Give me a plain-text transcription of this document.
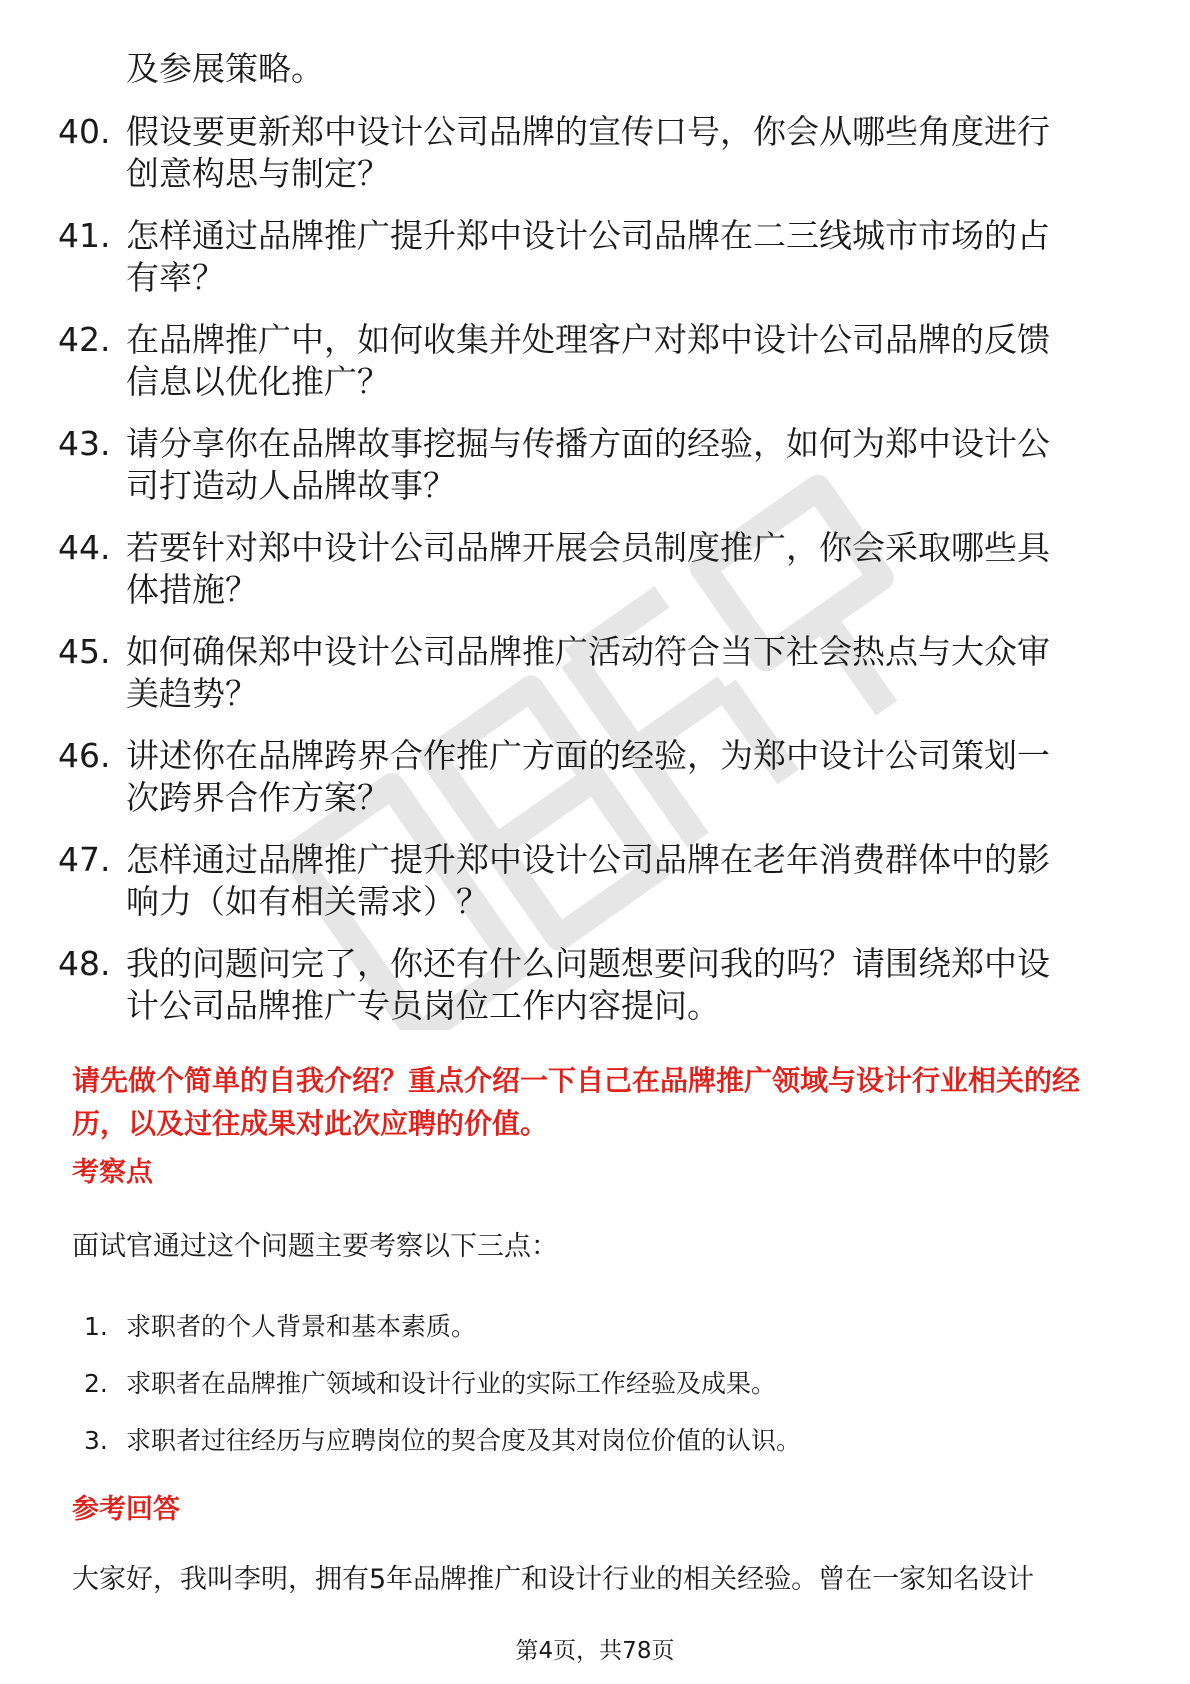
及参展策略。

40. 假设要更新郑中设计公司品牌的宣传口号，你会从哪些角度进行
创意构思与制定？
41. 怎样通过品牌推广提升郑中设计公司品牌在二三线城市市场的占
有率？
42. 在品牌推广中，如何收集并处理客户对郑中设计公司品牌的反馈
信息以优化推广？
43. 请分享你在品牌故事挖掘与传播方面的经验，如何为郑中设计公
司打造动人品牌故事？
44. 若要针对郑中设计公司品牌开展会员制度推广，你会采取哪些具
体措施？
45. 如何确保郑中设计公司品牌推广活动符合当下社会热点与大众审
美趋势？
46. 讲述你在品牌跨界合作推广方面的经验，为郑中设计公司策划一
次跨界合作方案？
47. 怎样通过品牌推广提升郑中设计公司品牌在老年消费群体中的影
响力（如有相关需求）？
48. 我的问题问完了，你还有什么问题想要问我的吗？请围绕郑中设
计公司品牌推广专员岗位工作内容提问。
请先做个简单的自我介绍？重点介绍一下自己在品牌推广领域与设计行业相关的经
历，以及过往成果对此次应聘的价值。

考察点

面试官通过这个问题主要考察以下三点：

1. 求职者的个人背景和基本素质。
2. 求职者在品牌推广领域和设计行业的实际工作经验及成果。
3. 求职者过往经历与应聘岗位的契合度及其对岗位价值的认识。

参考回答

大家好，我叫李明，拥有5年品牌推广和设计行业的相关经验。曾在一家知名设计

第4页，共78页
